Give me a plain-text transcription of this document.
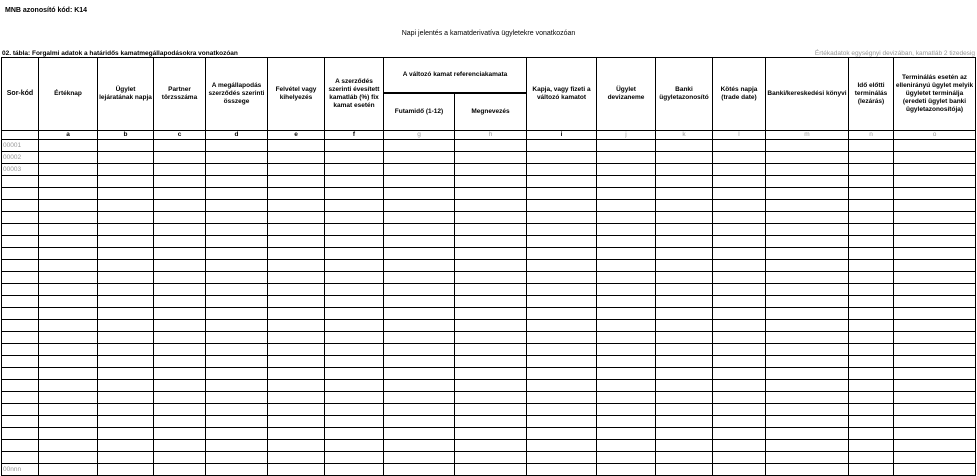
MNB azonosító kód: K14
Napi jelentés a kamatderivatíva ügyletekre vonatkozóan
02. tábla: Forgalmi adatok a határidős kamatmegállapodásokra vonatkozóan	Értékadatok egységnyi devizában, kamatláb 2 tizedesig
Sor-kód	Értéknap	Ügylet lejáratának napja	Partner törzsszáma	A megállapodás szerződés szerinti összege	Felvétel vagy kihelyezés	A szerződés szerinti évesített kamatláb (%) fix kamat esetén	A változó kamat referenciakamata		Kapja, vagy fizeti a változó kamatot	Ügylet devizaneme	Banki ügyletazonosító	Kötés napja (trade date)	Banki/kereskedési könyvi	Idő előtti terminálás (lezárás)	Terminálás esetén az ellenirányú ügylet melyik ügyletet terminálja (eredeti ügylet banki ügyletazonosítója)
							Futamidő (1-12)	Megnevezés							
	a	b	c	d	e	f	g	h	i	j	k	l	m	n	o
00001															
00002															
00003															

00nnn															
